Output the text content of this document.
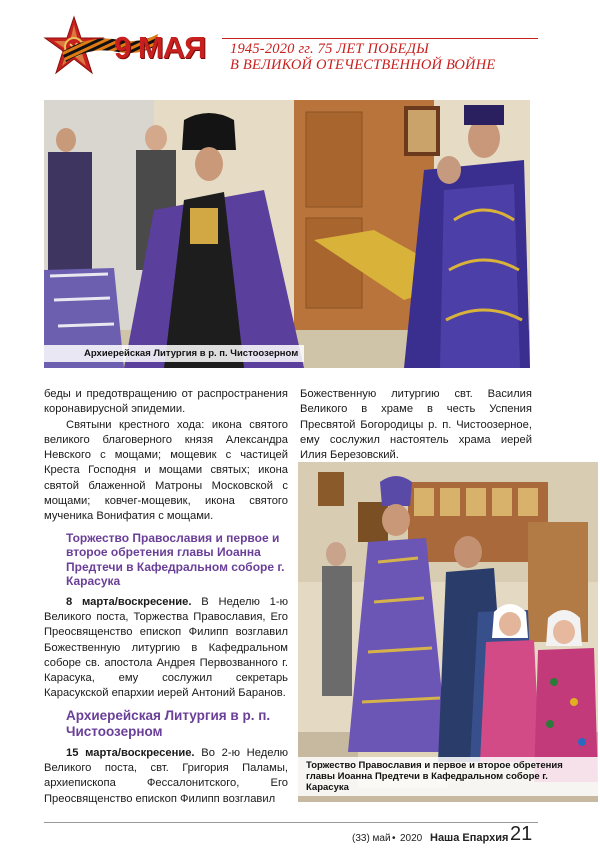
9 МАЯ 1945-2020 гг. 75 ЛЕТ ПОБЕДЫ
В ВЕЛИКОЙ ОТЕЧЕСТВЕННОЙ ВОЙНЕ
Архиерейская Литургия в р. п. Чистоозерном

беды и предотвращению от распространения коронавирусной эпидемии.

Святыни крестного хода: икона святого великого благоверного князя Александра Невского с мощами; мощевик с частицей Креста Господня и мощами святых; икона святой блаженной Матроны Московской с мощами; ковчег-мощевик, икона святого мученика Вонифатия с мощами.

Торжество Православия и первое и второе обретения главы Иоанна Предтечи в Кафедральном соборе г. Карасука

8 марта/воскресение. В Неделю 1-ю Великого поста, Торжества Православия, Его Преосвященство епископ Филипп возглавил Божественную литургию в Кафедральном соборе св. апостола Андрея Первозванного г. Карасука, ему сослужил секретарь Карасукской епархии иерей Антоний Баранов.

Архиерейская Литургия в р. п. Чистоозерном

15 марта/воскресение. Во 2-ю Неделю Великого поста, свт. Григория Паламы, архиепископа Фессалонитского, Его Преосвященство епископ Филипп возглавил

Божественную литургию свт. Василия Великого в храме в честь Успения Пресвятой Богородицы р. п. Чистоозерное, ему сослужил настоятель храма иерей Илия Березовский.

Торжество Православия и первое и второе обретения главы Иоанна Предтечи в Кафедральном соборе г. Карасука
(33) май • 2020 Наша Епархия 21
